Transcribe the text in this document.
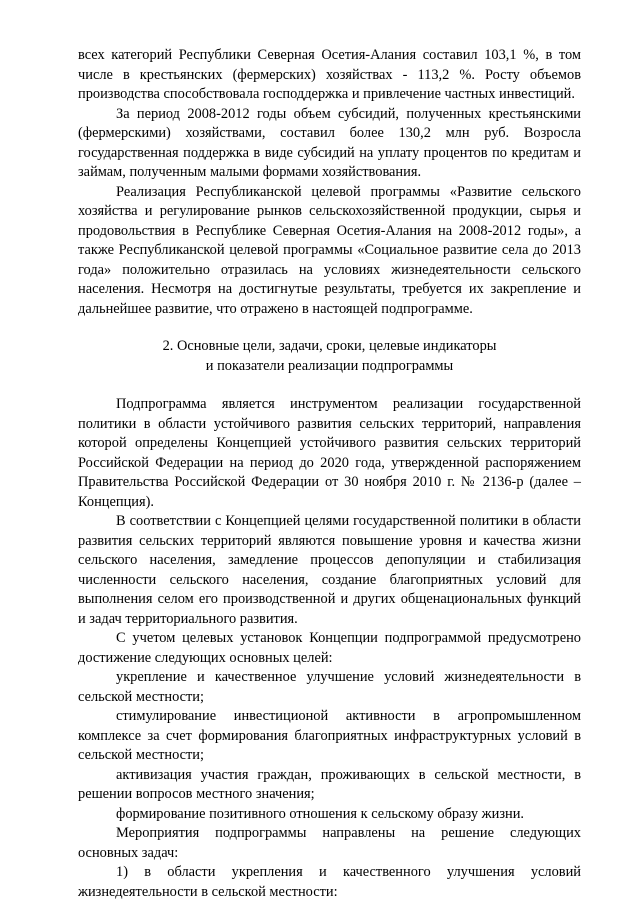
всех категорий Республики Северная Осетия-Алания составил 103,1 %, в том числе в крестьянских (фермерских) хозяйствах - 113,2 %. Росту объемов производства способствовала господдержка и привлечение частных инвестиций.

За период 2008-2012 годы объем субсидий, полученных крестьянскими (фермерскими) хозяйствами, составил более 130,2 млн руб. Возросла государственная поддержка в виде субсидий на уплату процентов по кредитам и займам, полученным малыми формами хозяйствования.

Реализация Республиканской целевой программы «Развитие сельского хозяйства и регулирование рынков сельскохозяйственной продукции, сырья и продовольствия в Республике Северная Осетия-Алания на 2008-2012 годы», а также Республиканской целевой программы «Социальное развитие села до 2013 года» положительно отразилась на условиях жизнедеятельности сельского населения. Несмотря на достигнутые результаты, требуется их закрепление и дальнейшее развитие, что отражено в настоящей подпрограмме.

2. Основные цели, задачи, сроки, целевые индикаторы
и показатели реализации подпрограммы

Подпрограмма является инструментом реализации государственной политики в области устойчивого развития сельских территорий, направления которой определены Концепцией устойчивого развития сельских территорий Российской Федерации на период до 2020 года, утвержденной распоряжением Правительства Российской Федерации от 30 ноября 2010 г. № 2136-р (далее – Концепция).

В соответствии с Концепцией целями государственной политики в области развития сельских территорий являются повышение уровня и качества жизни сельского населения, замедление процессов депопуляции и стабилизация численности сельского населения, создание благоприятных условий для выполнения селом его производственной и других общенациональных функций и задач территориального развития.

С учетом целевых установок Концепции подпрограммой предусмотрено достижение следующих основных целей:

укрепление и качественное улучшение условий жизнедеятельности в сельской местности;

стимулирование инвестиционой активности в агропромышленном комплексе за счет формирования благоприятных инфраструктурных условий в сельской местности;

активизация участия граждан, проживающих в сельской местности, в решении вопросов местного значения;

формирование позитивного отношения к сельскому образу жизни.

Мероприятия подпрограммы направлены на решение следующих основных задач:

1) в области укрепления и качественного улучшения условий жизнедеятельности в сельской местности:
